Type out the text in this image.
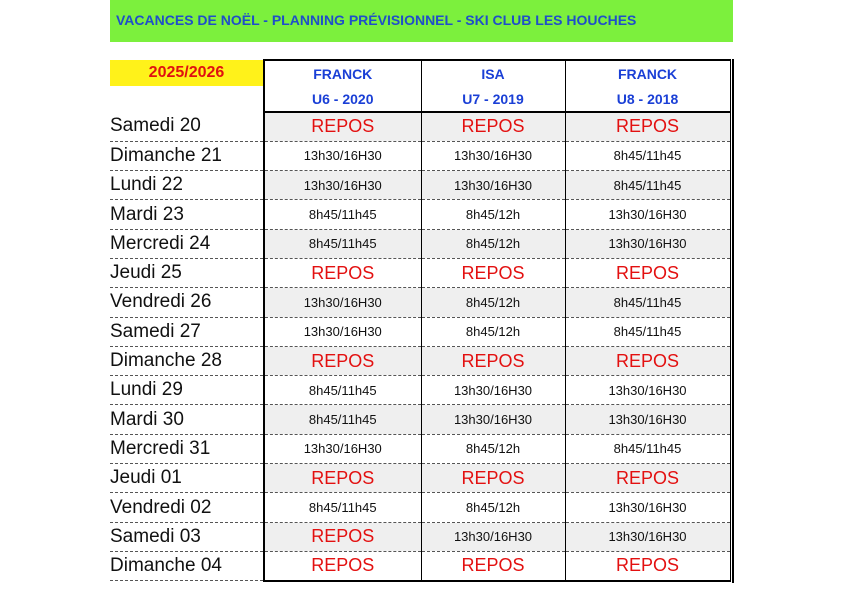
VACANCES DE NOËL - PLANNING PRÉVISIONNEL - SKI CLUB LES HOUCHES
2025/2026	FRANCK	ISA	FRANCK
	U6 - 2020	U7 - 2019	U8 - 2018
Samedi 20	REPOS	REPOS	REPOS
Dimanche 21	13h30/16H30	13h30/16H30	8h45/11h45
Lundi 22	13h30/16H30	13h30/16H30	8h45/11h45
Mardi 23	8h45/11h45	8h45/12h	13h30/16H30
Mercredi 24	8h45/11h45	8h45/12h	13h30/16H30
Jeudi 25	REPOS	REPOS	REPOS
Vendredi 26	13h30/16H30	8h45/12h	8h45/11h45
Samedi 27	13h30/16H30	8h45/12h	8h45/11h45
Dimanche 28	REPOS	REPOS	REPOS
Lundi 29	8h45/11h45	13h30/16H30	13h30/16H30
Mardi 30	8h45/11h45	13h30/16H30	13h30/16H30
Mercredi 31	13h30/16H30	8h45/12h	8h45/11h45
Jeudi 01	REPOS	REPOS	REPOS
Vendredi 02	8h45/11h45	8h45/12h	13h30/16H30
Samedi 03	REPOS	13h30/16H30	13h30/16H30
Dimanche 04	REPOS	REPOS	REPOS
